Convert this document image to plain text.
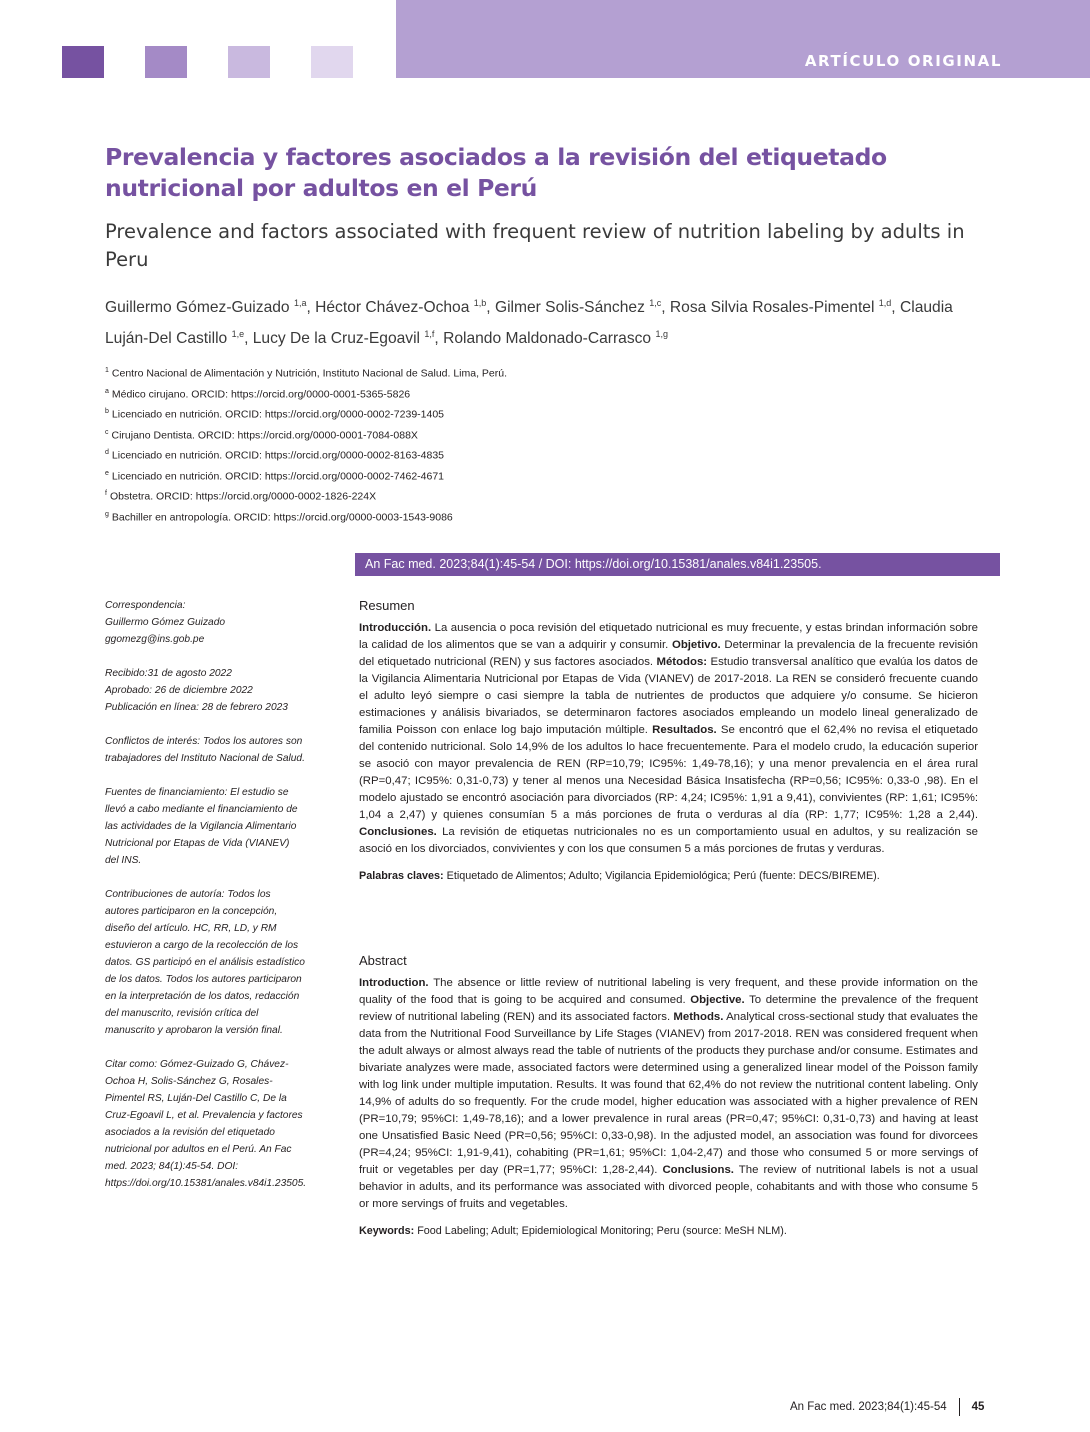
ARTÍCULO ORIGINAL
Prevalencia y factores asociados a la revisión del etiquetado nutricional por adultos en el Perú
Prevalence and factors associated with frequent review of nutrition labeling by adults in Peru
Guillermo Gómez-Guizado $^{1,a}$, Héctor Chávez-Ochoa $^{1,b}$, Gilmer Solis-Sánchez $^{1,c}$, Rosa Silvia Rosales-Pimentel $^{1,d}$, Claudia Luján-Del Castillo $^{1,e}$, Lucy De la Cruz-Egoavil $^{1,f}$, Rolando Maldonado-Carrasco $^{1,g}$
$^1$ Centro Nacional de Alimentación y Nutrición, Instituto Nacional de Salud. Lima, Perú.
$^a$ Médico cirujano. ORCID: https://orcid.org/0000-0001-5365-5826
$^b$ Licenciado en nutrición. ORCID: https://orcid.org/0000-0002-7239-1405
$^c$ Cirujano Dentista. ORCID: https://orcid.org/0000-0001-7084-088X
$^d$ Licenciado en nutrición. ORCID: https://orcid.org/0000-0002-8163-4835
$^e$ Licenciado en nutrición. ORCID: https://orcid.org/0000-0002-7462-4671
$^f$ Obstetra. ORCID: https://orcid.org/0000-0002-1826-224X
$^g$ Bachiller en antropología. ORCID: https://orcid.org/0000-0003-1543-9086
An Fac med. 2023;84(1):45-54 / DOI: https://doi.org/10.15381/anales.v84i1.23505.

Correspondencia:
Guillermo Gómez Guizado
ggomezg@ins.gob.pe

Recibido:31 de agosto 2022
Aprobado: 26 de diciembre 2022
Publicación en línea: 28 de febrero 2023

Conflictos de interés: Todos los autores son trabajadores del Instituto Nacional de Salud.

Fuentes de financiamiento: El estudio se llevó a cabo mediante el financiamiento de las actividades de la Vigilancia Alimentario Nutricional por Etapas de Vida (VIANEV) del INS.

Contribuciones de autoría: Todos los autores participaron en la concepción, diseño del artículo. HC, RR, LD, y RM estuvieron a cargo de la recolección de los datos. GS participó en el análisis estadístico de los datos. Todos los autores participaron en la interpretación de los datos, redacción del manuscrito, revisión crítica del manuscrito y aprobaron la versión final.

Citar como: Gómez-Guizado G, Chávez-Ochoa H, Solis-Sánchez G, Rosales-Pimentel RS, Luján-Del Castillo C, De la Cruz-Egoavil L, et al. Prevalencia y factores asociados a la revisión del etiquetado nutricional por adultos en el Perú. An Fac med. 2023; 84(1):45-54. DOI: https://doi.org/10.15381/anales.v84i1.23505.

Resumen

Introducción. La ausencia o poca revisión del etiquetado nutricional es muy frecuente, y estas brindan información sobre la calidad de los alimentos que se van a adquirir y consumir. Objetivo. Determinar la prevalencia de la frecuente revisión del etiquetado nutricional (REN) y sus factores asociados. Métodos: Estudio transversal analítico que evalúa los datos de la Vigilancia Alimentaria Nutricional por Etapas de Vida (VIANEV) de 2017-2018. La REN se consideró frecuente cuando el adulto leyó siempre o casi siempre la tabla de nutrientes de productos que adquiere y/o consume. Se hicieron estimaciones y análisis bivariados, se determinaron factores asociados empleando un modelo lineal generalizado de familia Poisson con enlace log bajo imputación múltiple. Resultados. Se encontró que el 62,4% no revisa el etiquetado del contenido nutricional. Solo 14,9% de los adultos lo hace frecuentemente. Para el modelo crudo, la educación superior se asoció con mayor prevalencia de REN (RP=10,79; IC95%: 1,49-78,16); y una menor prevalencia en el área rural (RP=0,47; IC95%: 0,31-0,73) y tener al menos una Necesidad Básica Insatisfecha (RP=0,56; IC95%: 0,33-0 ,98). En el modelo ajustado se encontró asociación para divorciados (RP: 4,24; IC95%: 1,91 a 9,41), convivientes (RP: 1,61; IC95%: 1,04 a 2,47) y quienes consumían 5 a más porciones de fruta o verduras al día (RP: 1,77; IC95%: 1,28 a 2,44). Conclusiones. La revisión de etiquetas nutricionales no es un comportamiento usual en adultos, y su realización se asoció en los divorciados, convivientes y con los que consumen 5 a más porciones de frutas y verduras.

Palabras claves: Etiquetado de Alimentos; Adulto; Vigilancia Epidemiológica; Perú (fuente: DECS/BIREME).

Abstract

Introduction. The absence or little review of nutritional labeling is very frequent, and these provide information on the quality of the food that is going to be acquired and consumed. Objective. To determine the prevalence of the frequent review of nutritional labeling (REN) and its associated factors. Methods. Analytical cross-sectional study that evaluates the data from the Nutritional Food Surveillance by Life Stages (VIANEV) from 2017-2018. REN was considered frequent when the adult always or almost always read the table of nutrients of the products they purchase and/or consume. Estimates and bivariate analyzes were made, associated factors were determined using a generalized linear model of the Poisson family with log link under multiple imputation. Results. It was found that 62,4% do not review the nutritional content labeling. Only 14,9% of adults do so frequently. For the crude model, higher education was associated with a higher prevalence of REN (PR=10,79; 95%CI: 1,49-78,16); and a lower prevalence in rural areas (PR=0,47; 95%CI: 0,31-0,73) and having at least one Unsatisfied Basic Need (PR=0,56; 95%CI: 0,33-0,98). In the adjusted model, an association was found for divorcees (PR=4,24; 95%CI: 1,91-9,41), cohabiting (PR=1,61; 95%CI: 1,04-2,47) and those who consumed 5 or more servings of fruit or vegetables per day (PR=1,77; 95%CI: 1,28-2,44). Conclusions. The review of nutritional labels is not a usual behavior in adults, and its performance was associated with divorced people, cohabitants and with those who consume 5 or more servings of fruits and vegetables.

Keywords: Food Labeling; Adult; Epidemiological Monitoring; Peru (source: MeSH NLM).

An Fac med. 2023;84(1):45-54 45
